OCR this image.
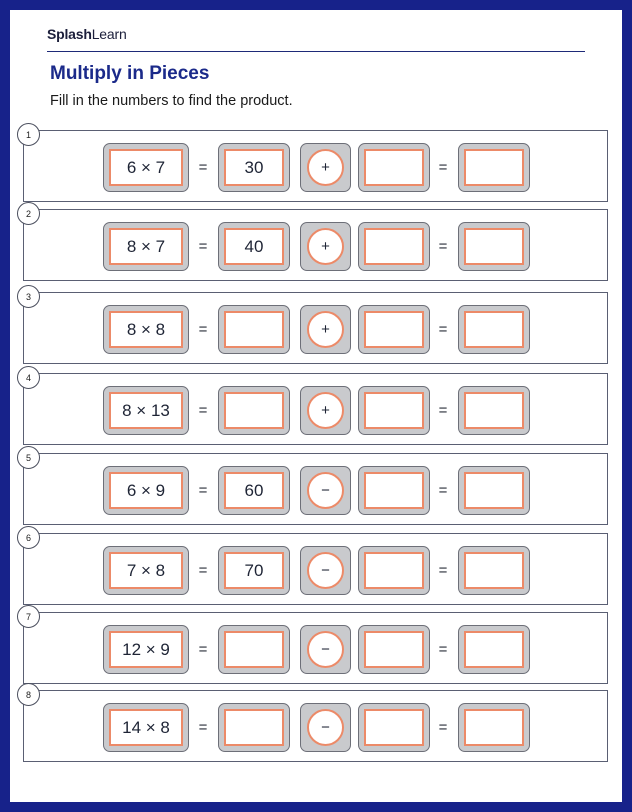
SplashLearn
Multiply in Pieces
Fill in the numbers to find the product.
1
6 × 7	=	30	+	=
2
8 × 7	=	40	+	=
3
8 × 8	=	+	=
4
8 × 13	=	+	=
5
6 × 9	=	60	−	=
6
7 × 8	=	70	−	=
7
12 × 9	=	−	=
8
14 × 8	=	−	=
